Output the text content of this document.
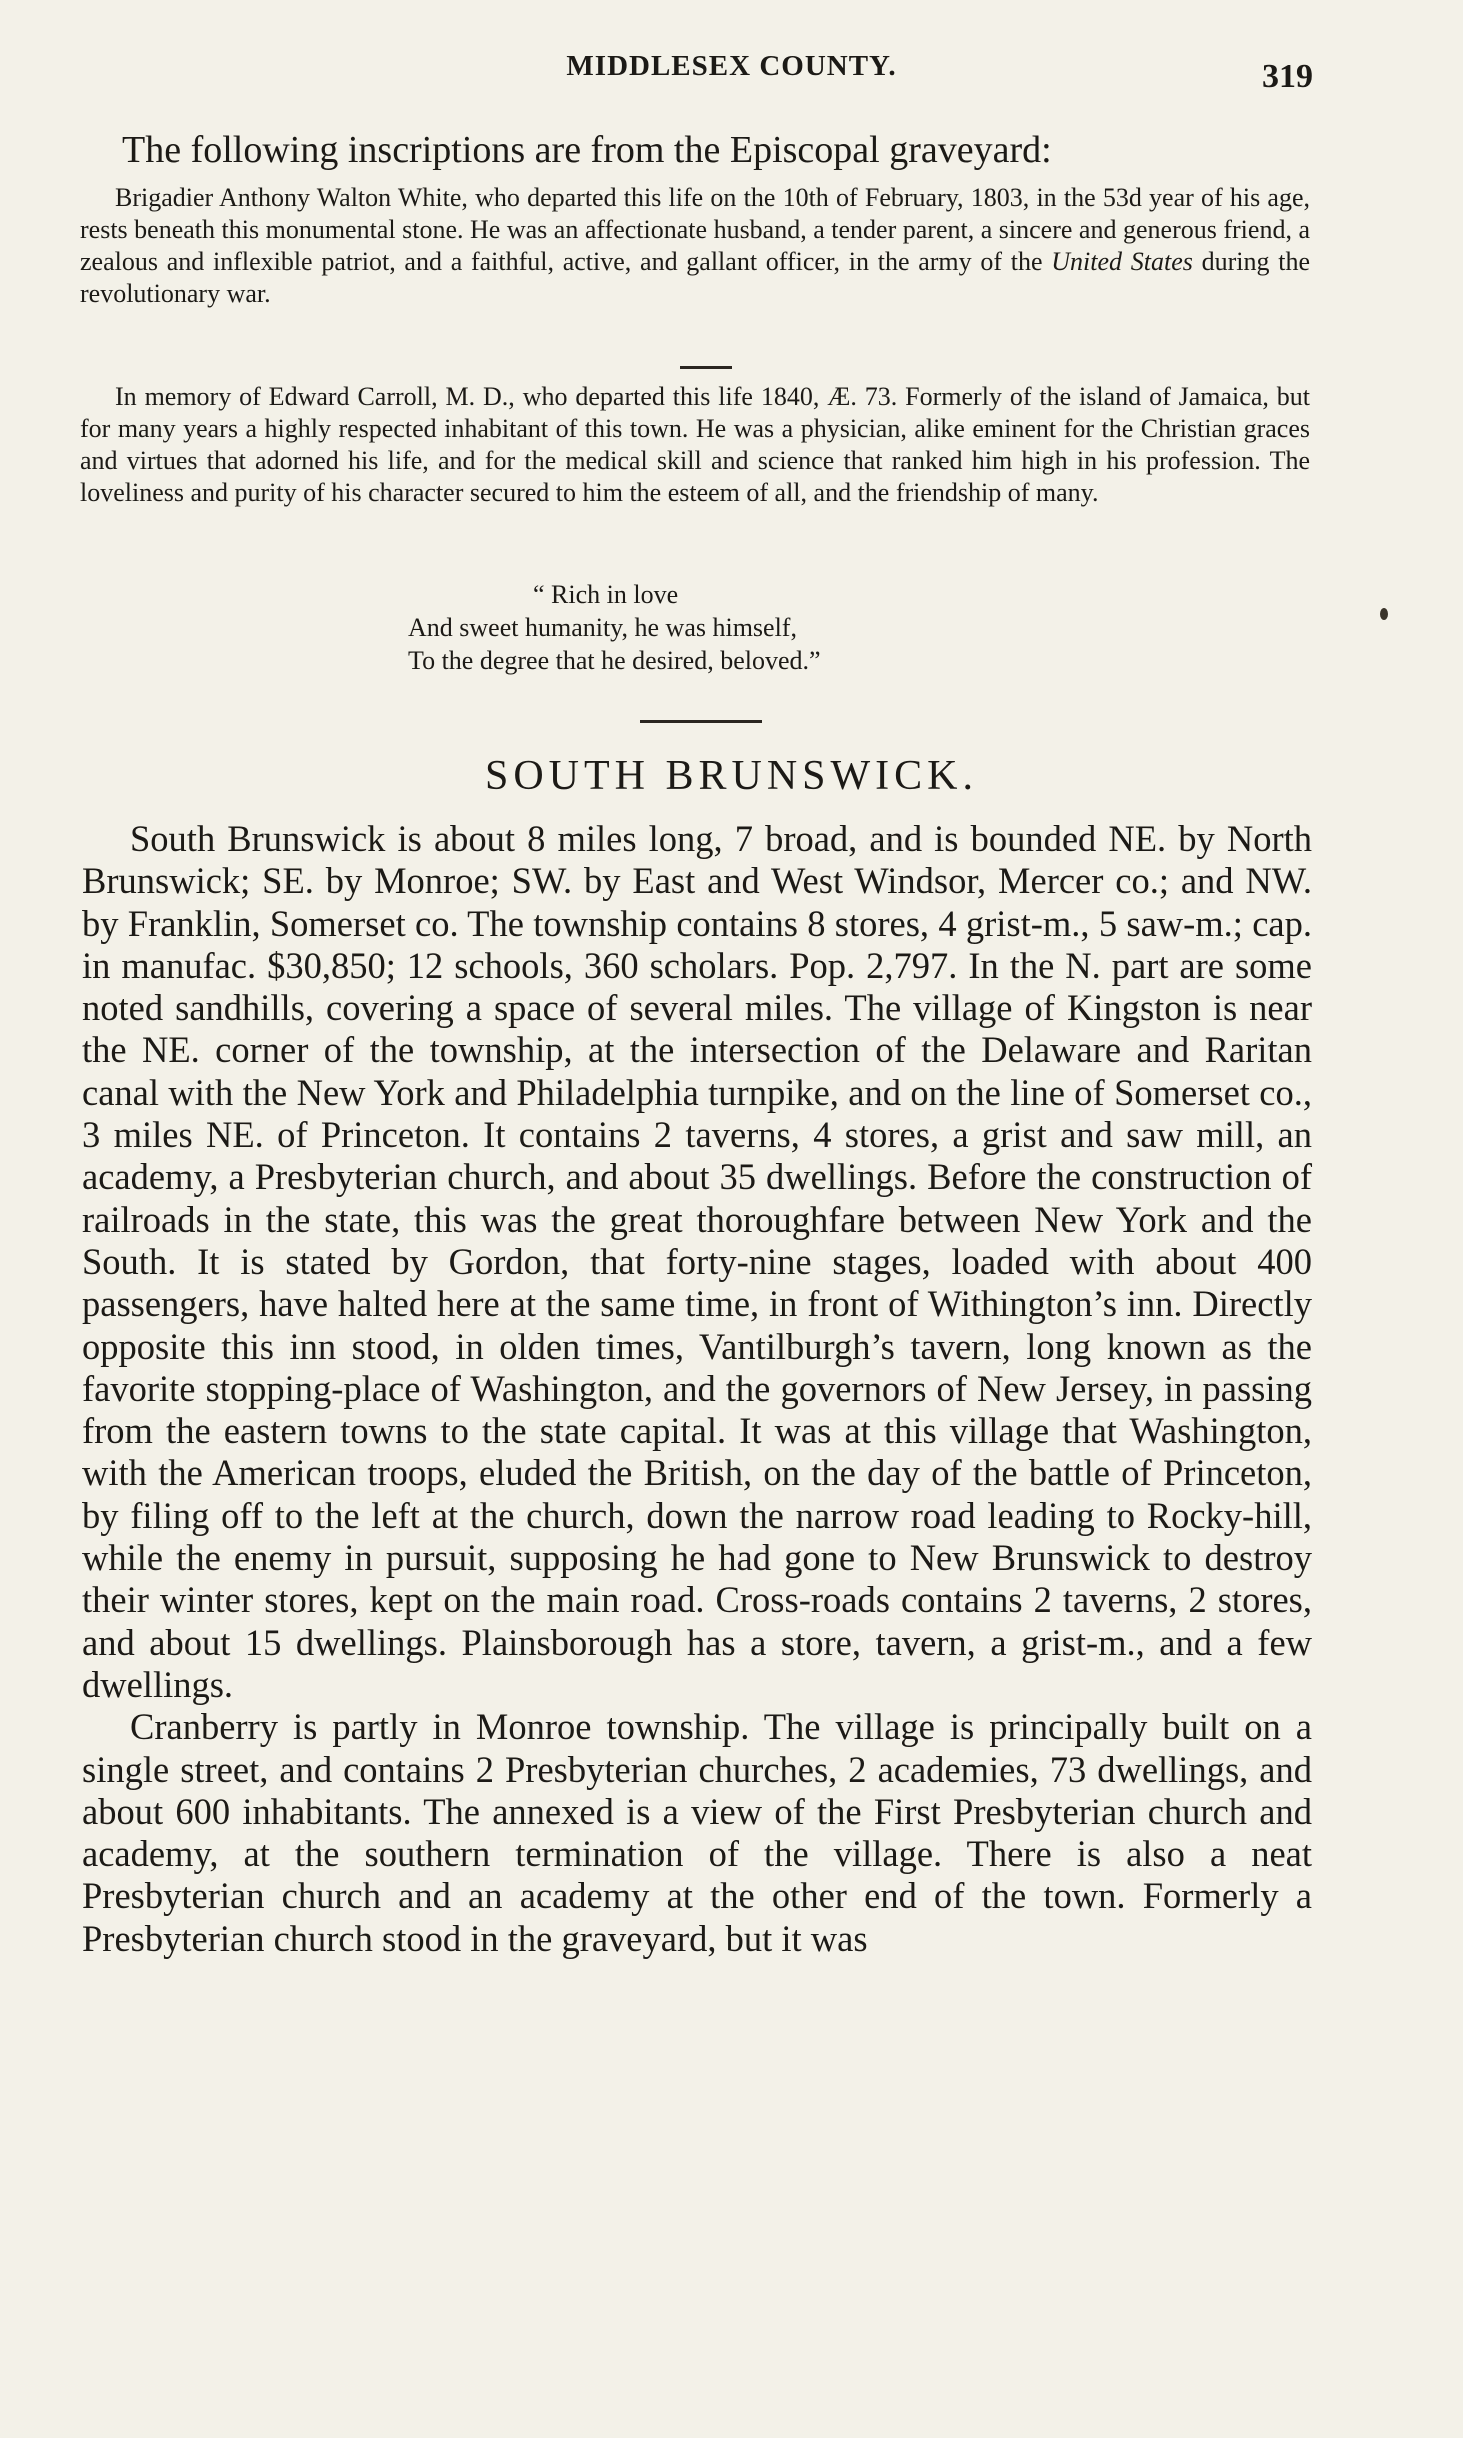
MIDDLESEX COUNTY.	319
The following inscriptions are from the Episcopal graveyard:

Brigadier Anthony Walton White, who departed this life on the 10th of February, 1803, in the 53d year of his age, rests beneath this monumental stone. He was an affectionate husband, a tender parent, a sincere and generous friend, a zealous and inflexible patriot, and a faithful, active, and gallant officer, in the army of the United States during the revolutionary war.

In memory of Edward Carroll, M. D., who departed this life 1840, Æ. 73. Formerly of the island of Jamaica, but for many years a highly respected inhabitant of this town. He was a physician, alike eminent for the Christian graces and virtues that adorned his life, and for the medical skill and science that ranked him high in his profession. The loveliness and purity of his character secured to him the esteem of all, and the friendship of many.

“ Rich in love
And sweet humanity, he was himself,
To the degree that he desired, beloved.”
SOUTH BRUNSWICK.

South Brunswick is about 8 miles long, 7 broad, and is bounded NE. by North Brunswick; SE. by Monroe; SW. by East and West Windsor, Mercer co.; and NW. by Franklin, Somerset co. The township contains 8 stores, 4 grist-m., 5 saw-m.; cap. in manufac. $30,850; 12 schools, 360 scholars. Pop. 2,797. In the N. part are some noted sandhills, covering a space of several miles. The village of Kingston is near the NE. corner of the township, at the intersection of the Delaware and Raritan canal with the New York and Philadelphia turnpike, and on the line of Somerset co., 3 miles NE. of Princeton. It contains 2 taverns, 4 stores, a grist and saw mill, an academy, a Presbyterian church, and about 35 dwellings. Before the construction of railroads in the state, this was the great thoroughfare between New York and the South. It is stated by Gordon, that forty-nine stages, loaded with about 400 passengers, have halted here at the same time, in front of Withington’s inn. Directly opposite this inn stood, in olden times, Vantilburgh’s tavern, long known as the favorite stopping-place of Washington, and the governors of New Jersey, in passing from the eastern towns to the state capital. It was at this village that Washington, with the American troops, eluded the British, on the day of the battle of Princeton, by filing off to the left at the church, down the narrow road leading to Rocky-hill, while the enemy in pursuit, supposing he had gone to New Brunswick to destroy their winter stores, kept on the main road. Cross-roads contains 2 taverns, 2 stores, and about 15 dwellings. Plainsborough has a store, tavern, a grist-m., and a few dwellings.

Cranberry is partly in Monroe township. The village is principally built on a single street, and contains 2 Presbyterian churches, 2 academies, 73 dwellings, and about 600 inhabitants. The annexed is a view of the First Presbyterian church and academy, at the southern termination of the village. There is also a neat Presbyterian church and an academy at the other end of the town. Formerly a Presbyterian church stood in the graveyard, but it was
